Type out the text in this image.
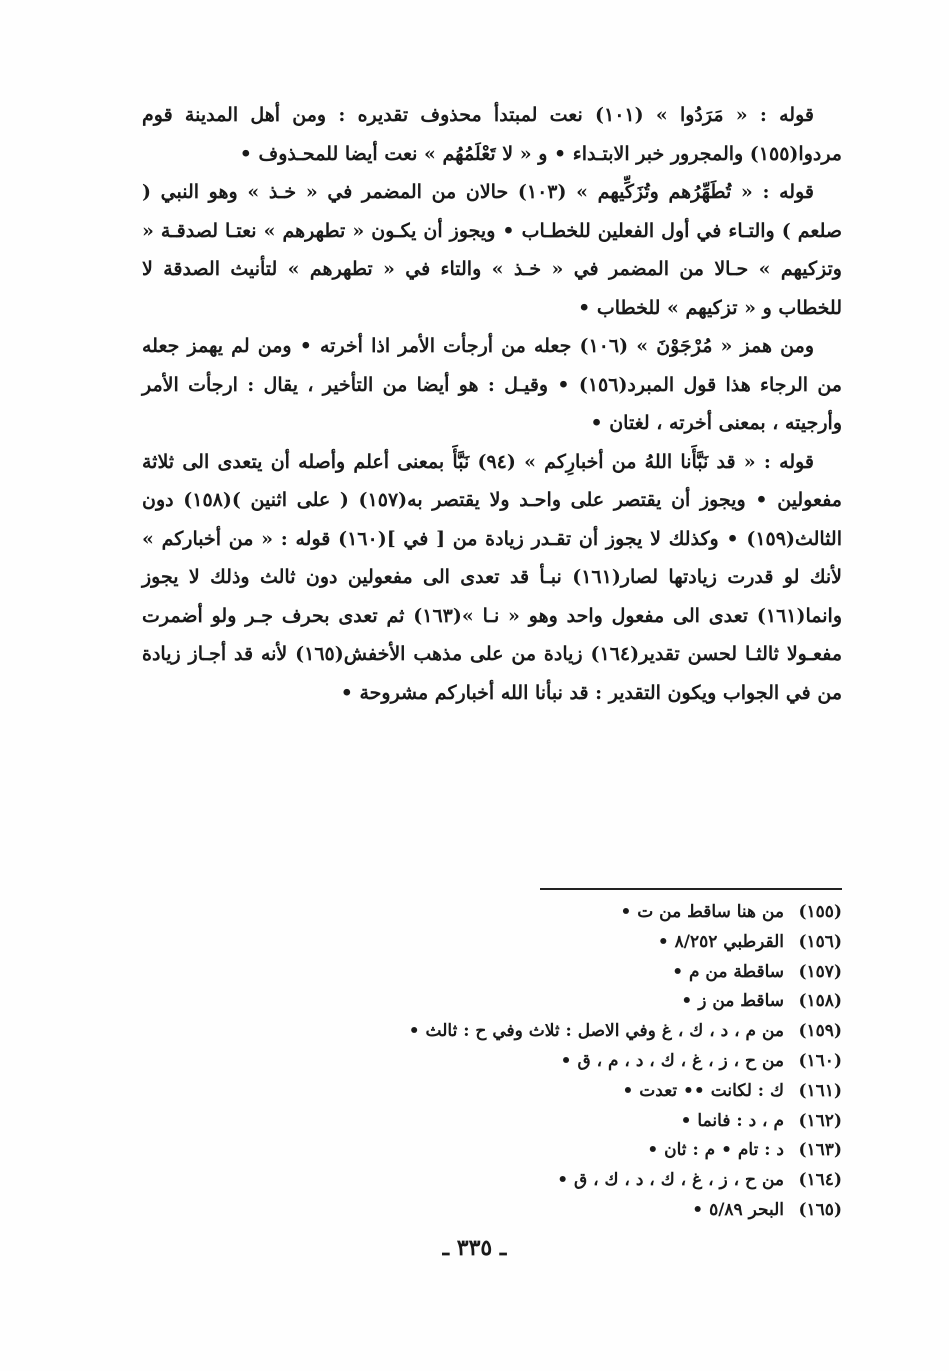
قوله : « مَرَدُوا » (١٠١) نعت لمبتدأ محذوف تقديره : ومن أهل المدينة قوم مردوا(١٥٥) والمجرور خبر الابتـداء • و « لا تَعْلَمُهُم » نعت أيضا للمحـذوف •

قوله : « تُطَهِّرُهم وتُزَكِّيهم » (١٠٣) حالان من المضمر في « خـذ » وهو النبي ( صلعم ) والتـاء في أول الفعلين للخطـاب • ويجوز أن يكـون « تطهرهم » نعتـا لصدقـة « وتزكيهم » حـالا من المضمر في « خـذ » والتاء في « تطهرهم » لتأنيث الصدقة لا للخطاب و « تزكيهم » للخطاب •

ومن همز « مُرْجَوْنَ » (١٠٦) جعله من أرجأت الأمر اذا أخرته • ومن لم يهمز جعله من الرجاء هذا قول المبرد(١٥٦) • وقيـل : هو أيضا من التأخير ، يقال : ارجأت الأمر وأرجيته ، بمعنى أخرته ، لغتان •

قوله : « قد نَبَّأَنا اللهُ من أخبارِكم » (٩٤) نَبَّأَ بمعنى أعلم وأصله أن يتعدى الى ثلاثة مفعولين • ويجوز أن يقتصر على واحـد ولا يقتصر به(١٥٧) ( على اثنين )(١٥٨) دون الثالث(١٥٩) • وكذلك لا يجوز أن تقـدر زيادة من [ في ](١٦٠) قوله : « من أخباركم » لأنك لو قدرت زيادتها لصار(١٦١) نبـأ قد تعدى الى مفعولين دون ثالث وذلك لا يجوز وانما(١٦١) تعدى الى مفعول واحد وهو « نـا »(١٦٣) ثم تعدى بحرف جـر ولو أضمرت مفعـولا ثالثـا لحسن تقدير(١٦٤) زيادة من على مذهب الأخفش(١٦٥) لأنه قد أجـاز زيادة من في الجواب ويكون التقدير : قد نبأنا الله أخباركم مشروحة •

(١٥٥)
من هنا ساقط من ت •
(١٥٦)
القرطبي ٨/٢٥٢ •
(١٥٧)
ساقطة من م •
(١٥٨)
ساقط من ز •
(١٥٩)
من م ، د ، ك ، غ وفي الاصل : ثلاث وفي ح : ثالث •
(١٦٠)
من ح ، ز ، غ ، ك ، د ، م ، ق •
(١٦١)
ك : لكانت •• تعدت •
(١٦٢)
م ، د : فانما •
(١٦٣)
د : تام • م : ثان •
(١٦٤)
من ح ، ز ، غ ، ك ، د ، ك ، ق •
(١٦٥)
البحر ٥/٨٩ •
ـ ٣٣٥ ـ
